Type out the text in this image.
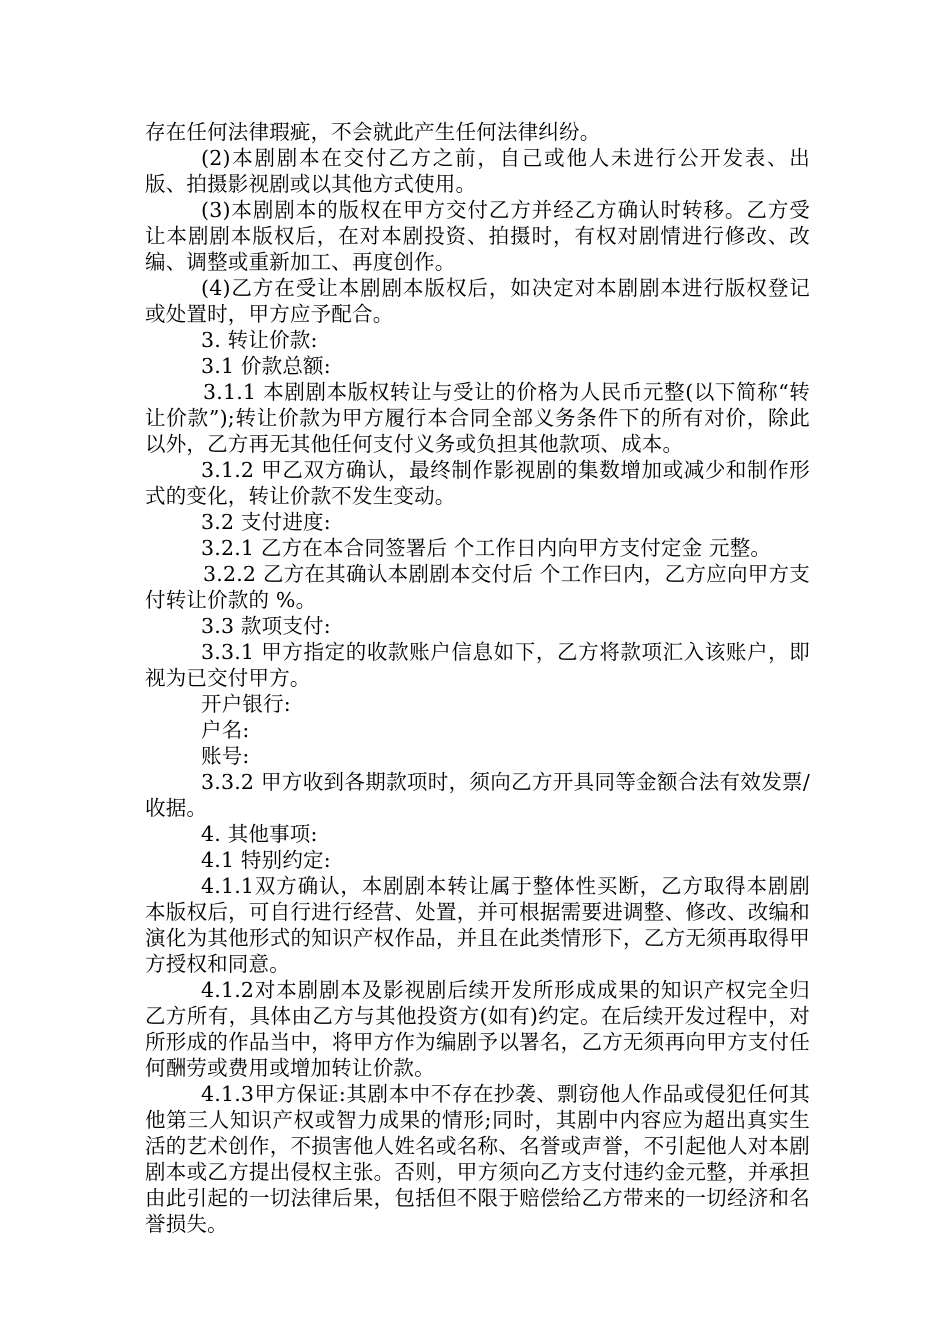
存在任何法律瑕疵，不会就此产生任何法律纠纷。

(2)本剧剧本在交付乙方之前，自己或他人未进行公开发表、出版、拍摄影视剧或以其他方式使用。

(3)本剧剧本的版权在甲方交付乙方并经乙方确认时转移。乙方受让本剧剧本版权后，在对本剧投资、拍摄时，有权对剧情进行修改、改编、调整或重新加工、再度创作。

(4)乙方在受让本剧剧本版权后，如决定对本剧剧本进行版权登记或处置时，甲方应予配合。

3. 转让价款:

3.1 价款总额:

3.1.1 本剧剧本版权转让与受让的价格为人民币元整(以下简称“转让价款”);转让价款为甲方履行本合同全部义务条件下的所有对价，除此以外，乙方再无其他任何支付义务或负担其他款项、成本。

3.1.2 甲乙双方确认，最终制作影视剧的集数增加或减少和制作形式的变化，转让价款不发生变动。

3.2 支付进度:

3.2.1 乙方在本合同签署后 个工作日内向甲方支付定金 元整。

3.2.2 乙方在其确认本剧剧本交付后 个工作曰内，乙方应向甲方支付转让价款的 %。

3.3 款项支付:

3.3.1 甲方指定的收款账户信息如下，乙方将款项汇入该账户，即视为已交付甲方。

开户银行:

户名:

账号:

3.3.2 甲方收到各期款项时，须向乙方开具同等金额合法有效发票/收据。

4. 其他事项:

4.1 特别约定:

4.1.1双方确认，本剧剧本转让属于整体性买断，乙方取得本剧剧本版权后，可自行进行经营、处置，并可根据需要进调整、修改、改编和演化为其他形式的知识产权作品，并且在此类情形下，乙方无须再取得甲方授权和同意。

4.1.2对本剧剧本及影视剧后续开发所形成成果的知识产权完全归乙方所有，具体由乙方与其他投资方(如有)约定。在后续开发过程中，对所形成的作品当中，将甲方作为编剧予以署名，乙方无须再向甲方支付任何酬劳或费用或增加转让价款。

4.1.3甲方保证:其剧本中不存在抄袭、剽窃他人作品或侵犯任何其他第三人知识产权或智力成果的情形;同时，其剧中内容应为超出真实生活的艺术创作，不损害他人姓名或名称、名誉或声誉，不引起他人对本剧剧本或乙方提出侵权主张。否则，甲方须向乙方支付违约金元整，并承担由此引起的一切法律后果，包括但不限于赔偿给乙方带来的一切经济和名誉损失。
